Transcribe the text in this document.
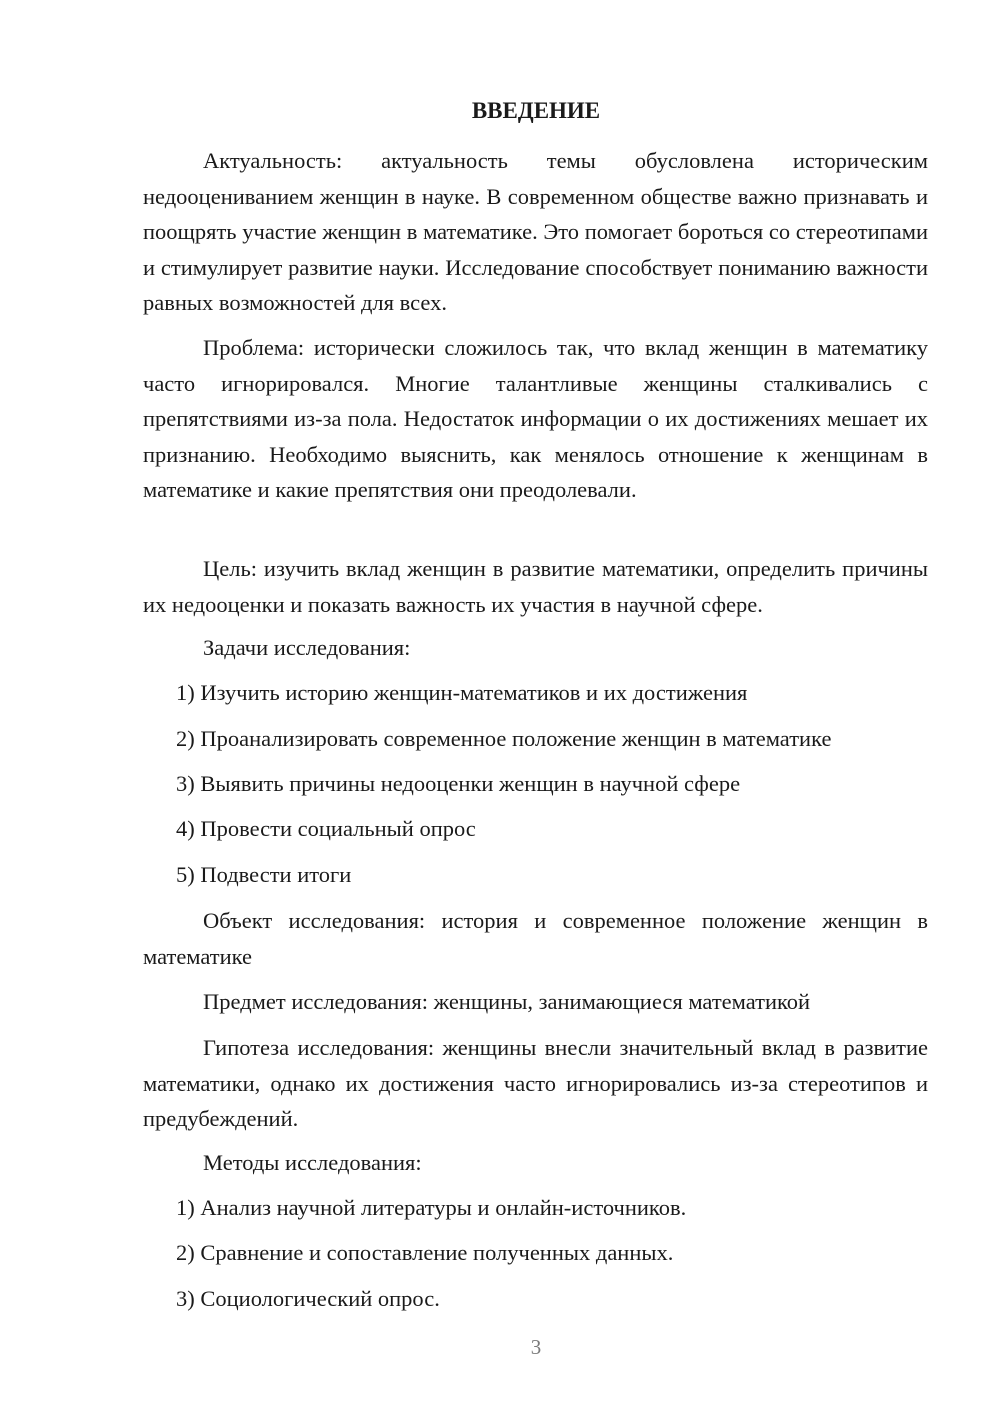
ВВЕДЕНИЕ

Актуальность: актуальность темы обусловлена историческим недооцениванием женщин в науке. В современном обществе важно признавать и поощрять участие женщин в математике. Это помогает бороться со стереотипами и стимулирует развитие науки. Исследование способствует пониманию важности равных возможностей для всех.

Проблема: исторически сложилось так, что вклад женщин в математику часто игнорировался. Многие талантливые женщины сталкивались с препятствиями из-за пола. Недостаток информации о их достижениях мешает их признанию. Необходимо выяснить, как менялось отношение к женщинам в математике и какие препятствия они преодолевали.

Цель: изучить вклад женщин в развитие математики, определить причины их недооценки и показать важность их участия в научной сфере.

Задачи исследования:

1) Изучить историю женщин-математиков и их достижения

2) Проанализировать современное положение женщин в математике

3) Выявить причины недооценки женщин в научной сфере

4) Провести социальный опрос

5) Подвести итоги

Объект исследования: история и современное положение женщин в математике

Предмет исследования: женщины, занимающиеся математикой

Гипотеза исследования: женщины внесли значительный вклад в развитие математики, однако их достижения часто игнорировались из-за стереотипов и предубеждений.

Методы исследования:

1) Анализ научной литературы и онлайн-источников.

2) Сравнение и сопоставление полученных данных.

3) Социологический опрос.

3
